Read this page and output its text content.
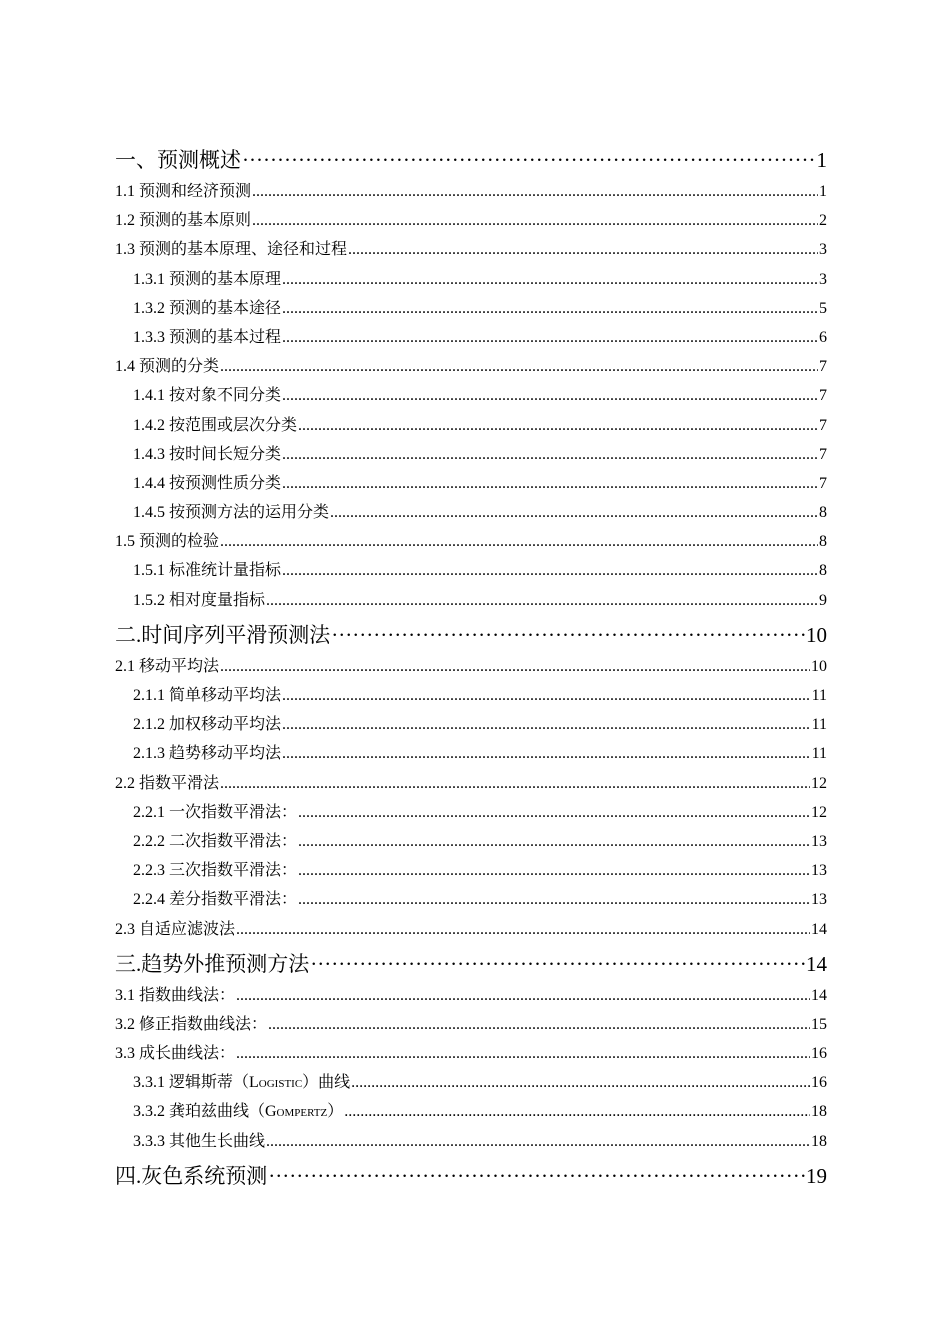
一、预测概述 ·····	1
1.1 预测和经济预测 .....	1
1.2 预测的基本原则 .....	2
1.3 预测的基本原理、途径和过程 .....	3
1.3.1 预测的基本原理 .....	3
1.3.2 预测的基本途径 .....	5
1.3.3 预测的基本过程 .....	6
1.4 预测的分类 .....	7
1.4.1 按对象不同分类 .....	7
1.4.2 按范围或层次分类 .....	7
1.4.3 按时间长短分类 .....	7
1.4.4 按预测性质分类 .....	7
1.4.5 按预测方法的运用分类 .....	8
1.5 预测的检验 .....	8
1.5.1 标准统计量指标 .....	8
1.5.2 相对度量指标 .....	9
二.时间序列平滑预测法 ·····	10
2.1 移动平均法 .....	10
2.1.1 简单移动平均法 .....	11
2.1.2 加权移动平均法 .....	11
2.1.3 趋势移动平均法 .....	11
2.2 指数平滑法 .....	12
2.2.1 一次指数平滑法： .....	12
2.2.2 二次指数平滑法： .....	13
2.2.3 三次指数平滑法： .....	13
2.2.4 差分指数平滑法： .....	13
2.3 自适应滤波法 .....	14
三.趋势外推预测方法 ·····	14
3.1 指数曲线法： .....	14
3.2 修正指数曲线法： .....	15
3.3 成长曲线法： .....	16
3.3.1 逻辑斯蒂（Logistic）曲线 .....	16
3.3.2 龚珀兹曲线（Gompertz） .....	18
3.3.3 其他生长曲线 .....	18
四.灰色系统预测 ·····	19
